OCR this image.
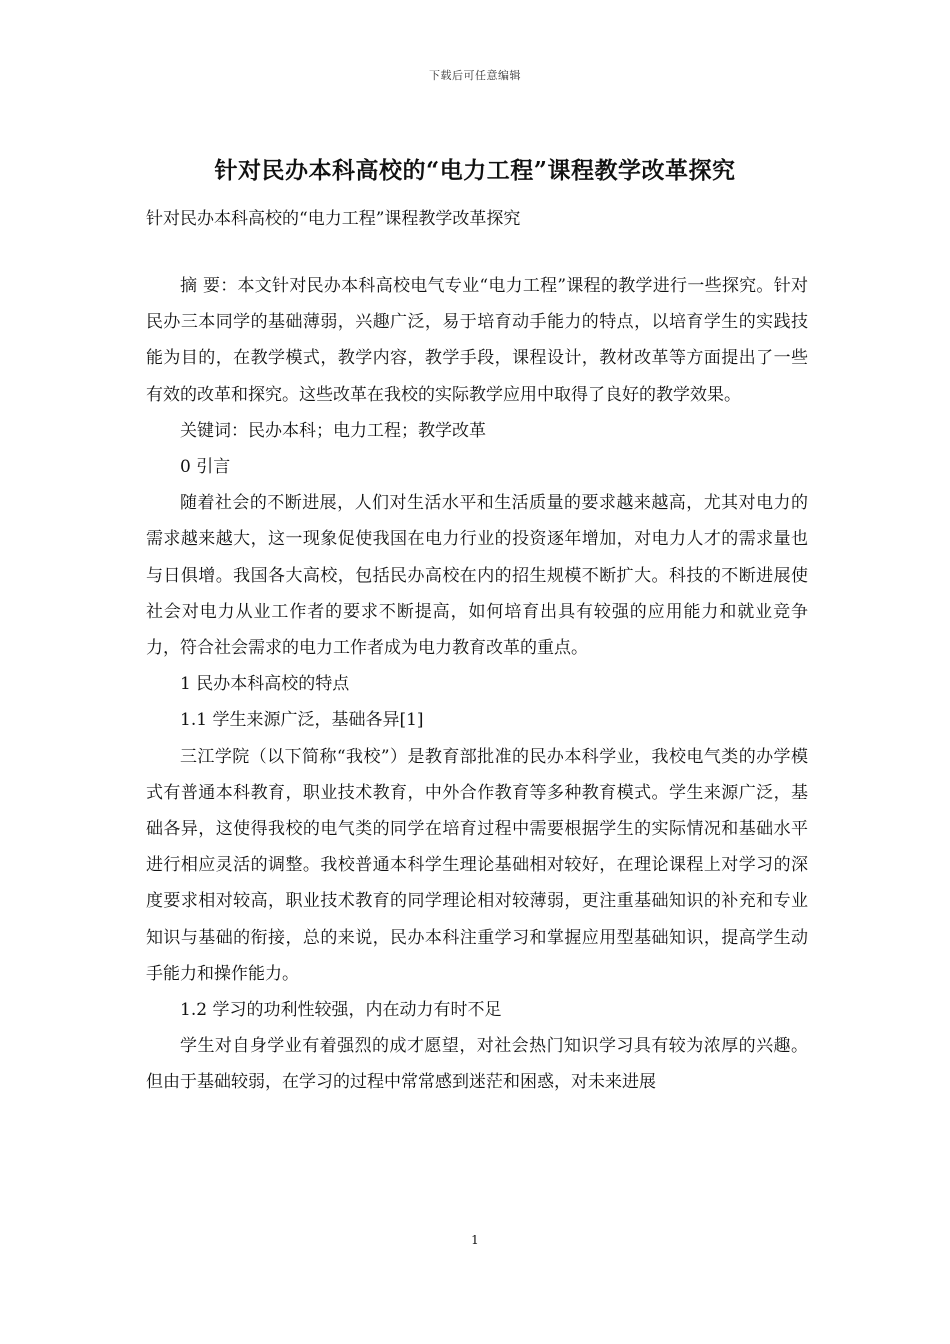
下载后可任意编辑
针对民办本科高校的“电力工程”课程教学改革探究
针对民办本科高校的“电力工程”课程教学改革探究

摘 要：本文针对民办本科高校电气专业“电力工程”课程的教学进行一些探究。针对民办三本同学的基础薄弱，兴趣广泛，易于培育动手能力的特点，以培育学生的实践技能为目的，在教学模式，教学内容，教学手段，课程设计，教材改革等方面提出了一些有效的改革和探究。这些改革在我校的实际教学应用中取得了良好的教学效果。

关键词：民办本科；电力工程；教学改革

0 引言

随着社会的不断进展，人们对生活水平和生活质量的要求越来越高，尤其对电力的需求越来越大，这一现象促使我国在电力行业的投资逐年增加，对电力人才的需求量也与日俱增。我国各大高校，包括民办高校在内的招生规模不断扩大。科技的不断进展使社会对电力从业工作者的要求不断提高，如何培育出具有较强的应用能力和就业竞争力，符合社会需求的电力工作者成为电力教育改革的重点。

1 民办本科高校的特点

1.1 学生来源广泛，基础各异[1]

三江学院（以下简称“我校”）是教育部批准的民办本科学业，我校电气类的办学模式有普通本科教育，职业技术教育，中外合作教育等多种教育模式。学生来源广泛，基础各异，这使得我校的电气类的同学在培育过程中需要根据学生的实际情况和基础水平进行相应灵活的调整。我校普通本科学生理论基础相对较好，在理论课程上对学习的深度要求相对较高，职业技术教育的同学理论相对较薄弱，更注重基础知识的补充和专业知识与基础的衔接，总的来说，民办本科注重学习和掌握应用型基础知识，提高学生动手能力和操作能力。

1.2 学习的功利性较强，内在动力有时不足

学生对自身学业有着强烈的成才愿望，对社会热门知识学习具有较为浓厚的兴趣。但由于基础较弱，在学习的过程中常常感到迷茫和困惑，对未来进展

1
